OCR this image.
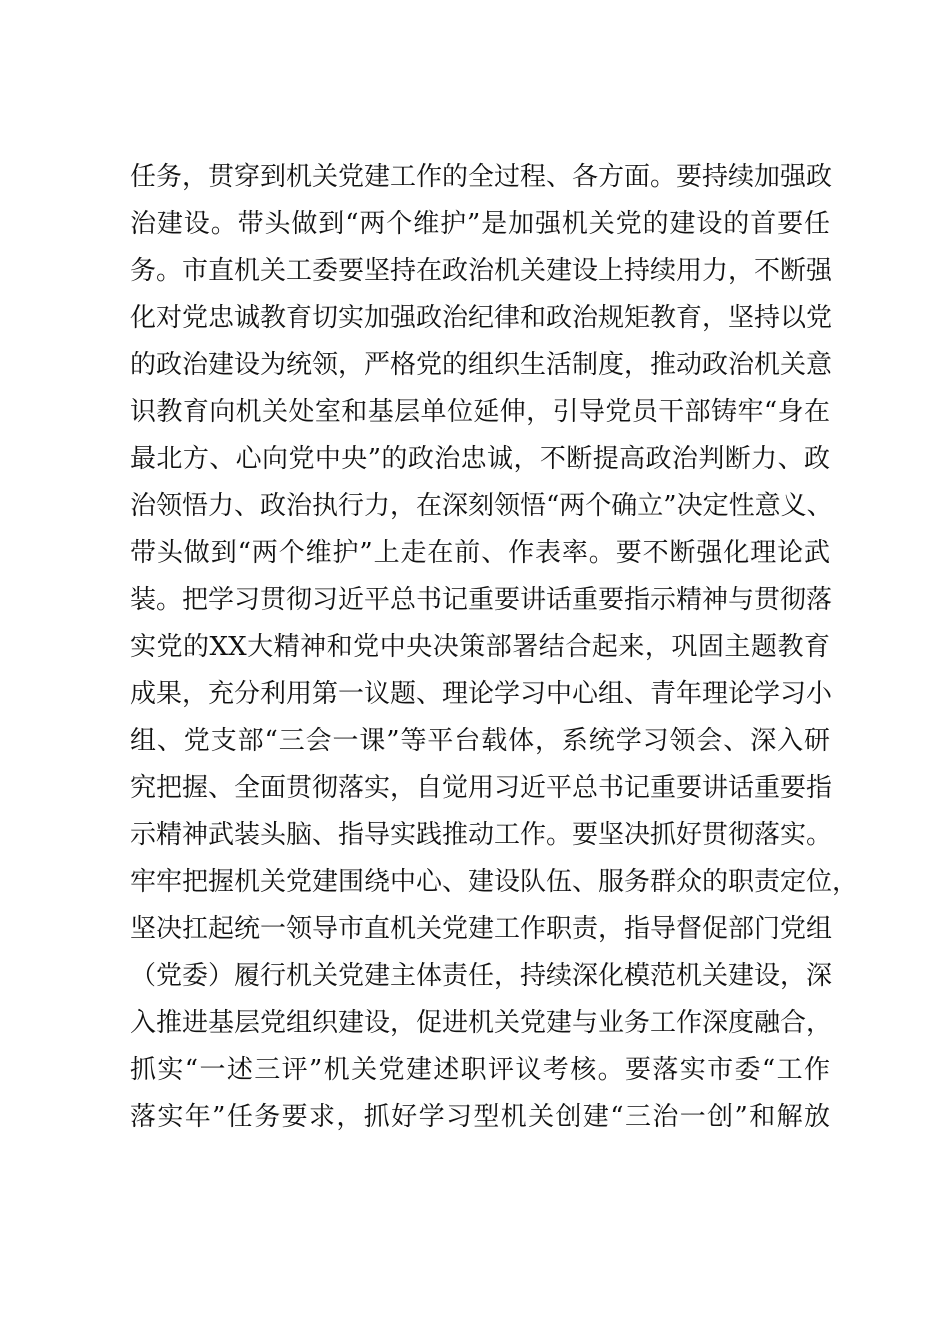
任务，贯穿到机关党建工作的全过程、各方面。要持续加强政
治建设。带头做到“两个维护”是加强机关党的建设的首要任
务。市直机关工委要坚持在政治机关建设上持续用力，不断强
化对党忠诚教育切实加强政治纪律和政治规矩教育，坚持以党
的政治建设为统领，严格党的组织生活制度，推动政治机关意
识教育向机关处室和基层单位延伸，引导党员干部铸牢“身在
最北方、心向党中央”的政治忠诚，不断提高政治判断力、政
治领悟力、政治执行力，在深刻领悟“两个确立”决定性意义、
带头做到“两个维护”上走在前、作表率。要不断强化理论武
装。把学习贯彻习近平总书记重要讲话重要指示精神与贯彻落
实党的XX大精神和党中央决策部署结合起来，巩固主题教育
成果，充分利用第一议题、理论学习中心组、青年理论学习小
组、党支部“三会一课”等平台载体，系统学习领会、深入研
究把握、全面贯彻落实，自觉用习近平总书记重要讲话重要指
示精神武装头脑、指导实践推动工作。要坚决抓好贯彻落实。
牢牢把握机关党建围绕中心、建设队伍、服务群众的职责定位，
坚决扛起统一领导市直机关党建工作职责，指导督促部门党组
（党委）履行机关党建主体责任，持续深化模范机关建设，深
入推进基层党组织建设，促进机关党建与业务工作深度融合，
抓实“一述三评”机关党建述职评议考核。要落实市委“工作
落实年”任务要求，抓好学习型机关创建“三治一创”和解放
